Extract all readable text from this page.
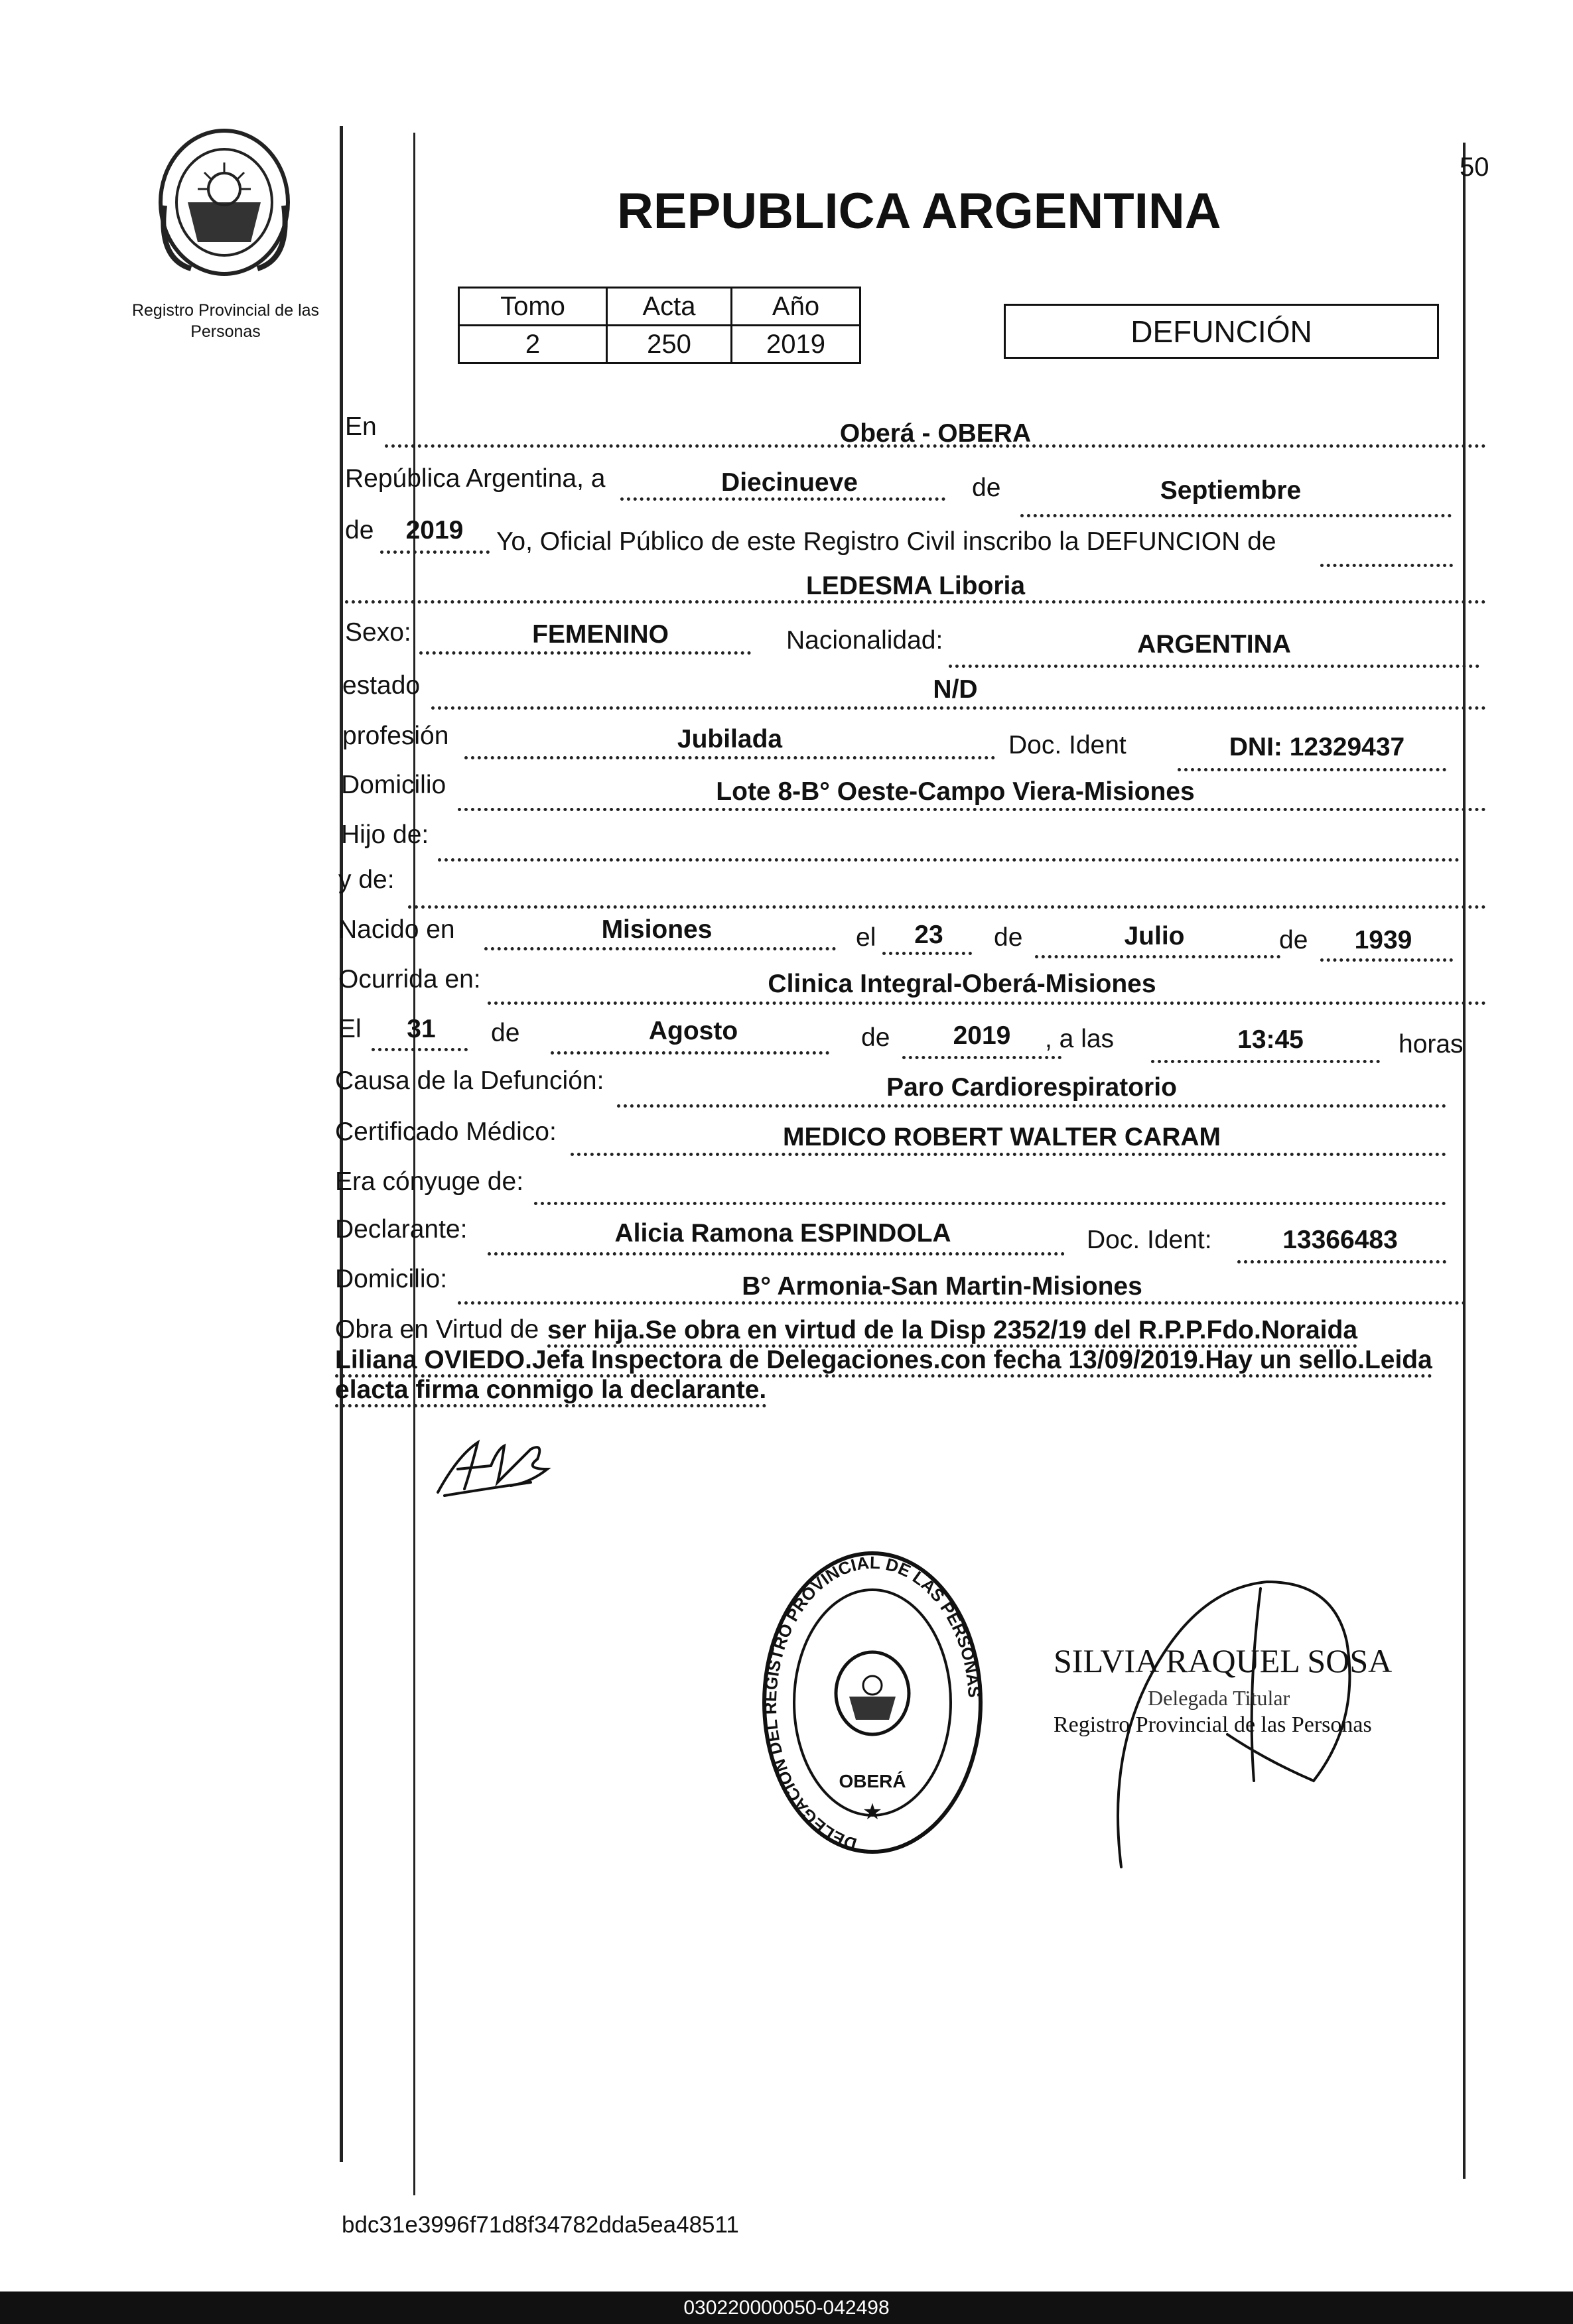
50
Registro Provincial de las Personas
REPUBLICA ARGENTINA
Tomo	Acta	Año
2	250	2019	DEFUNCIÓN
En	Oberá - OBERA
República Argentina, a	Diecinueve	de	Septiembre
de	2019	Yo, Oficial Público de este Registro Civil inscribo la DEFUNCION de
LEDESMA Liboria
Sexo:	FEMENINO	Nacionalidad:	ARGENTINA
estado	N/D
profesión	Jubilada	Doc. Ident	DNI: 12329437
Domicilio	Lote 8-B° Oeste-Campo Viera-Misiones
Hijo de:
y de:
Nacido en	Misiones	el	23	de	Julio	de	1939
Ocurrida en:	Clinica Integral-Oberá-Misiones
El	31	de	Agosto	de	2019	, a las	13:45	horas
Causa de la Defunción:	Paro Cardiorespiratorio
Certificado Médico:	MEDICO ROBERT WALTER CARAM
Era cónyuge de:
Declarante:	Alicia Ramona ESPINDOLA	Doc. Ident:	13366483
Domicilio:	B° Armonia-San Martin-Misiones
Obra en Virtud de ser hija.Se obra en virtud de la Disp 2352/19 del R.P.P.Fdo.Noraida
Liliana OVIEDO.Jefa Inspectora de Delegaciones.con fecha 13/09/2019.Hay un sello.Leida
elacta firma conmigo la declarante.
DELEGACION DEL REGISTRO PROVINCIAL DE LAS PERSONAS
OBERÁ
★
SILVIA RAQUEL SOSA
Delegada Titular
Registro Provincial de las Personas
bdc31e3996f71d8f34782dda5ea48511
030220000050-042498
